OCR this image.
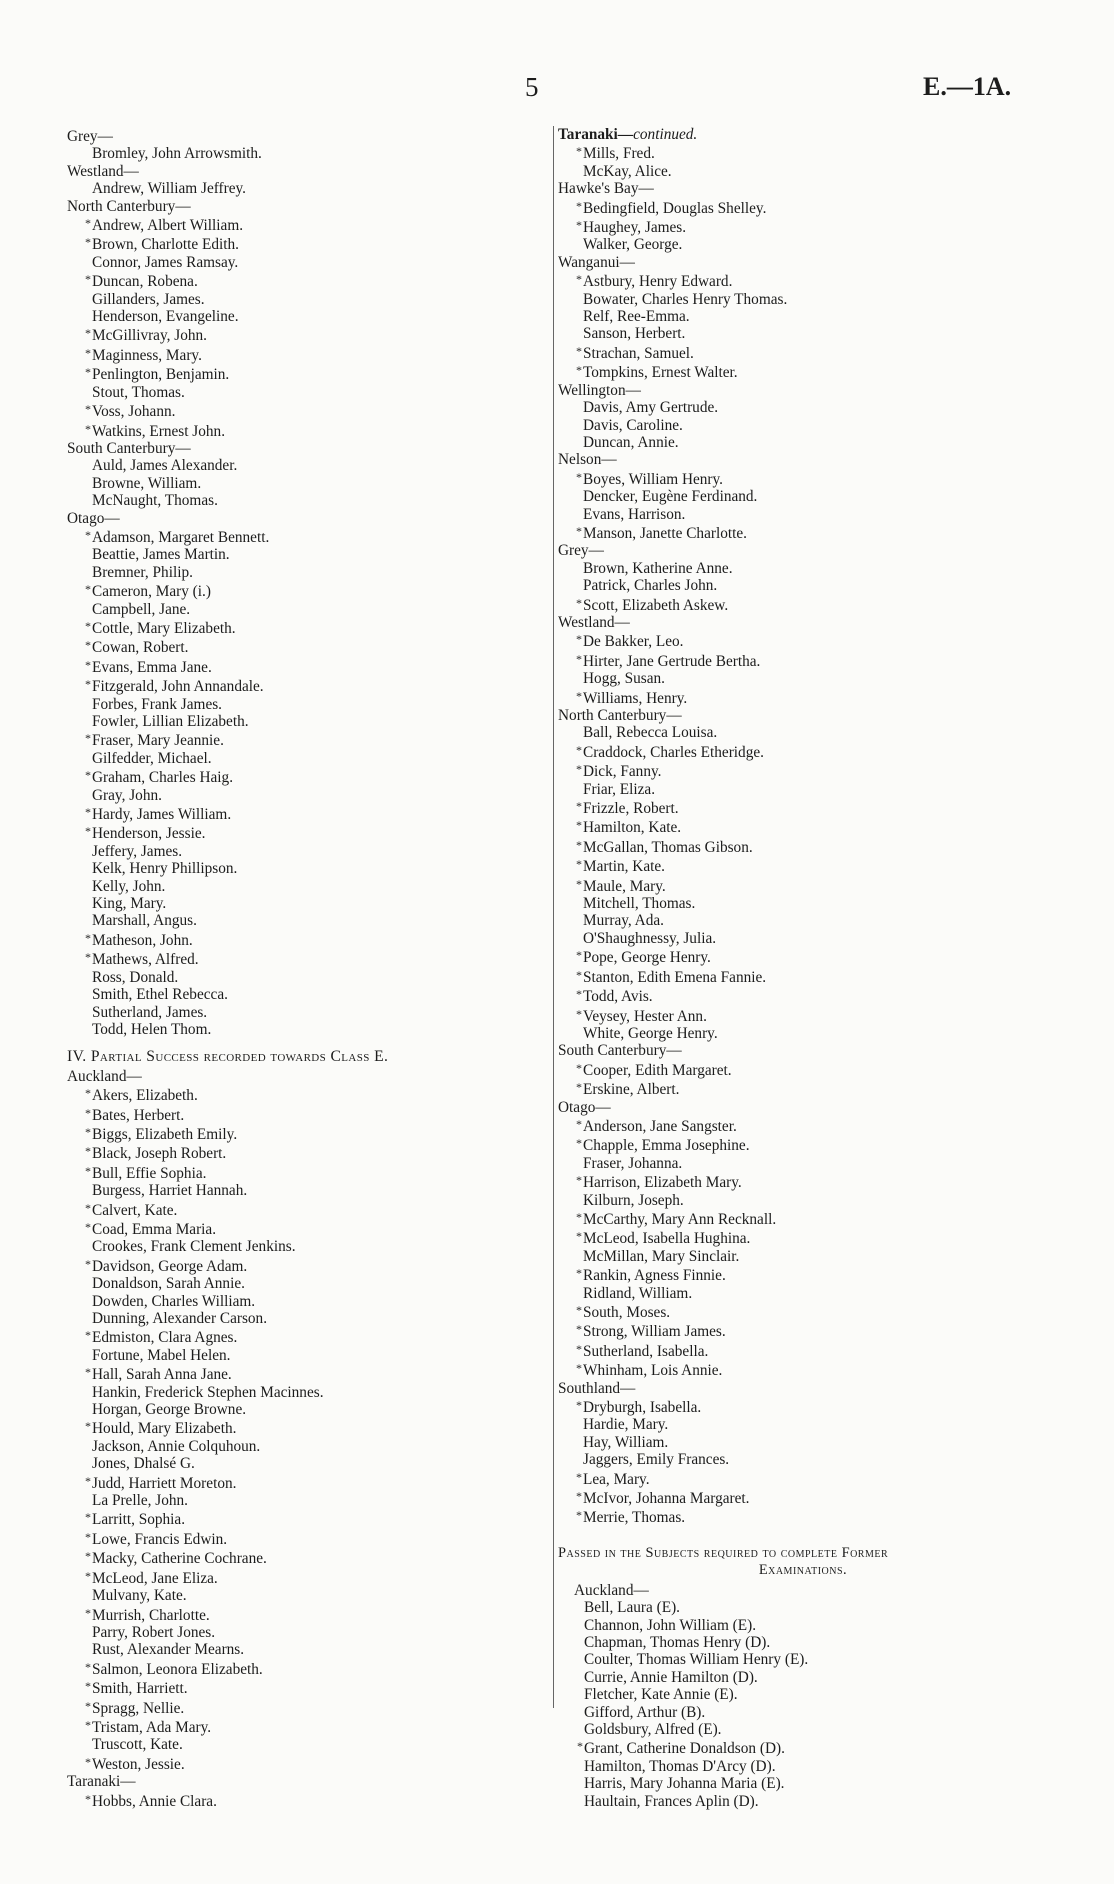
5	E.—1A.
Grey—
Bromley, John Arrowsmith.
Westland—
Andrew, William Jeffrey.
North Canterbury—
* Andrew, Albert William.
* Brown, Charlotte Edith.
Connor, James Ramsay.
* Duncan, Robena.
Gillanders, James.
Henderson, Evangeline.
* McGillivray, John.
* Maginness, Mary.
* Penlington, Benjamin.
Stout, Thomas.
* Voss, Johann.
* Watkins, Ernest John.
South Canterbury—
Auld, James Alexander.
Browne, William.
McNaught, Thomas.
Otago—
* Adamson, Margaret Bennett.
Beattie, James Martin.
Bremner, Philip.
* Cameron, Mary (i.)
Campbell, Jane.
* Cottle, Mary Elizabeth.
* Cowan, Robert.
* Evans, Emma Jane.
* Fitzgerald, John Annandale.
Forbes, Frank James.
Fowler, Lillian Elizabeth.
* Fraser, Mary Jeannie.
Gilfedder, Michael.
* Graham, Charles Haig.
Gray, John.
* Hardy, James William.
* Henderson, Jessie.
Jeffery, James.
Kelk, Henry Phillipson.
Kelly, John.
King, Mary.
Marshall, Angus.
* Matheson, John.
* Mathews, Alfred.
Ross, Donald.
Smith, Ethel Rebecca.
Sutherland, James.
Todd, Helen Thom.
IV. Partial Success recorded towards Class E.
Auckland—
* Akers, Elizabeth.
* Bates, Herbert.
* Biggs, Elizabeth Emily.
* Black, Joseph Robert.
* Bull, Effie Sophia.
Burgess, Harriet Hannah.
* Calvert, Kate.
* Coad, Emma Maria.
Crookes, Frank Clement Jenkins.
* Davidson, George Adam.
Donaldson, Sarah Annie.
Dowden, Charles William.
Dunning, Alexander Carson.
* Edmiston, Clara Agnes.
Fortune, Mabel Helen.
* Hall, Sarah Anna Jane.
Hankin, Frederick Stephen Macinnes.
Horgan, George Browne.
* Hould, Mary Elizabeth.
Jackson, Annie Colquhoun.
Jones, Dhalsé G.
* Judd, Harriett Moreton.
La Prelle, John.
* Larritt, Sophia.
* Lowe, Francis Edwin.
* Macky, Catherine Cochrane.
* McLeod, Jane Eliza.
Mulvany, Kate.
* Murrish, Charlotte.
Parry, Robert Jones.
Rust, Alexander Mearns.
* Salmon, Leonora Elizabeth.
* Smith, Harriett.
* Spragg, Nellie.
* Tristam, Ada Mary.
Truscott, Kate.
* Weston, Jessie.
Taranaki—
* Hobbs, Annie Clara.
Taranaki—continued.
* Mills, Fred.
McKay, Alice.
Hawke's Bay—
* Bedingfield, Douglas Shelley.
* Haughey, James.
Walker, George.
Wanganui—
* Astbury, Henry Edward.
Bowater, Charles Henry Thomas.
Relf, Ree-Emma.
Sanson, Herbert.
* Strachan, Samuel.
* Tompkins, Ernest Walter.
Wellington—
Davis, Amy Gertrude.
Davis, Caroline.
Duncan, Annie.
Nelson—
* Boyes, William Henry.
Dencker, Eugène Ferdinand.
Evans, Harrison.
* Manson, Janette Charlotte.
Grey—
Brown, Katherine Anne.
Patrick, Charles John.
* Scott, Elizabeth Askew.
Westland—
* De Bakker, Leo.
* Hirter, Jane Gertrude Bertha.
Hogg, Susan.
* Williams, Henry.
North Canterbury—
Ball, Rebecca Louisa.
* Craddock, Charles Etheridge.
* Dick, Fanny.
Friar, Eliza.
* Frizzle, Robert.
* Hamilton, Kate.
* McGallan, Thomas Gibson.
* Martin, Kate.
* Maule, Mary.
Mitchell, Thomas.
Murray, Ada.
O'Shaughnessy, Julia.
* Pope, George Henry.
* Stanton, Edith Emena Fannie.
* Todd, Avis.
* Veysey, Hester Ann.
White, George Henry.
South Canterbury—
* Cooper, Edith Margaret.
* Erskine, Albert.
Otago—
* Anderson, Jane Sangster.
* Chapple, Emma Josephine.
Fraser, Johanna.
* Harrison, Elizabeth Mary.
Kilburn, Joseph.
* McCarthy, Mary Ann Recknall.
* McLeod, Isabella Hughina.
McMillan, Mary Sinclair.
* Rankin, Agness Finnie.
Ridland, William.
* South, Moses.
* Strong, William James.
* Sutherland, Isabella.
* Whinham, Lois Annie.
Southland—
* Dryburgh, Isabella.
Hardie, Mary.
Hay, William.
Jaggers, Emily Frances.
* Lea, Mary.
* McIvor, Johanna Margaret.
* Merrie, Thomas.
Passed in the Subjects required to complete Former
Examinations.
Auckland—
Bell, Laura (E).
Channon, John William (E).
Chapman, Thomas Henry (D).
Coulter, Thomas William Henry (E).
Currie, Annie Hamilton (D).
Fletcher, Kate Annie (E).
Gifford, Arthur (B).
Goldsbury, Alfred (E).
* Grant, Catherine Donaldson (D).
Hamilton, Thomas D'Arcy (D).
Harris, Mary Johanna Maria (E).
Haultain, Frances Aplin (D).
